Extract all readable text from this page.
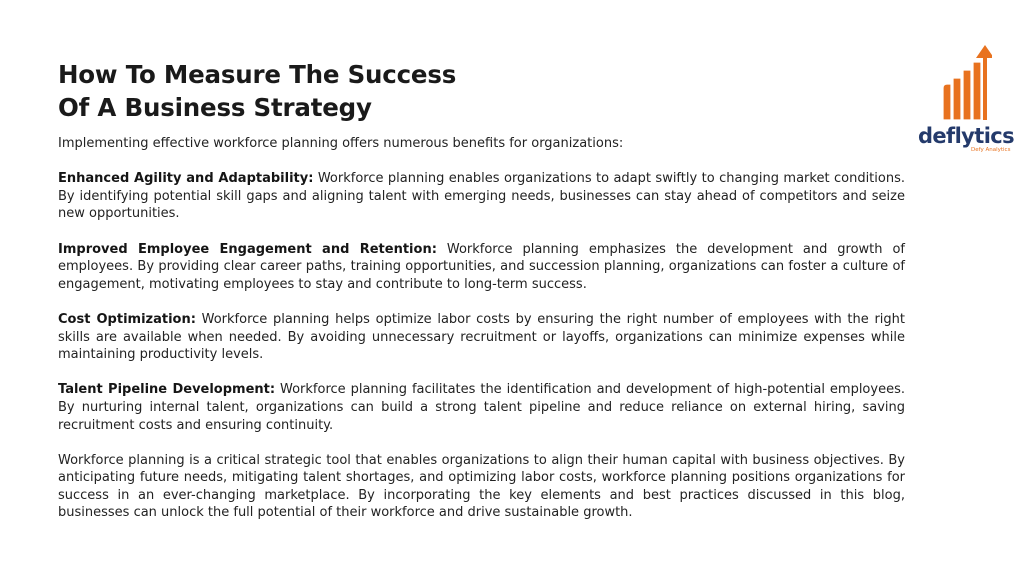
How To Measure The Success
Of A Business Strategy
deflytics
Defy Analytics

Implementing effective workforce planning offers numerous benefits for organizations:

Enhanced Agility and Adaptability: Workforce planning enables organizations to adapt swiftly to changing market conditions. By identifying potential skill gaps and aligning talent with emerging needs, businesses can stay ahead of competitors and seize new opportunities.

Improved Employee Engagement and Retention: Workforce planning emphasizes the development and growth of employees. By providing clear career paths, training opportunities, and succession planning, organizations can foster a culture of engagement, motivating employees to stay and contribute to long-term success.

Cost Optimization: Workforce planning helps optimize labor costs by ensuring the right number of employees with the right skills are available when needed. By avoiding unnecessary recruitment or layoffs, organizations can minimize expenses while maintaining productivity levels.

Talent Pipeline Development: Workforce planning facilitates the identification and development of high-potential employees. By nurturing internal talent, organizations can build a strong talent pipeline and reduce reliance on external hiring, saving recruitment costs and ensuring continuity.

Workforce planning is a critical strategic tool that enables organizations to align their human capital with business objectives. By anticipating future needs, mitigating talent shortages, and optimizing labor costs, workforce planning positions organizations for success in an ever-changing marketplace. By incorporating the key elements and best practices discussed in this blog, businesses can unlock the full potential of their workforce and drive sustainable growth.
